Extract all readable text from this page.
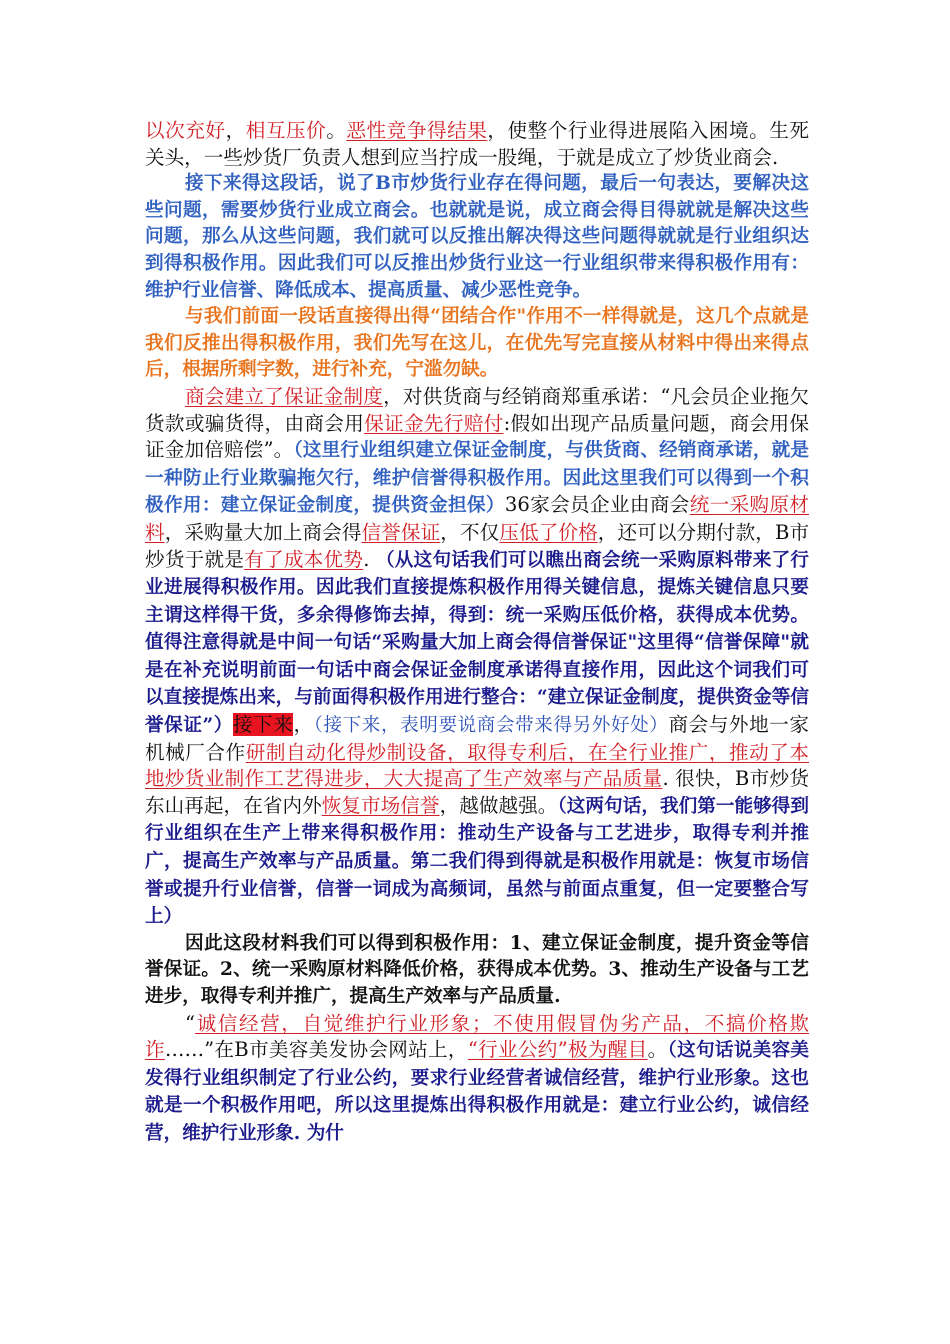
以次充好，相互压价。恶性竞争得结果，使整个行业得进展陷入困境。生死关头，一些炒货厂负责人想到应当拧成一股绳，于就是成立了炒货业商会.

接下来得这段话，说了B市炒货行业存在得问题，最后一句表达，要解决这些问题，需要炒货行业成立商会。也就就是说，成立商会得目得就就是解决这些问题，那么从这些问题，我们就可以反推出解决得这些问题得就就是行业组织达到得积极作用。因此我们可以反推出炒货行业这一行业组织带来得积极作用有：维护行业信誉、降低成本、提高质量、减少恶性竞争。

与我们前面一段话直接得出得“团结合作"作用不一样得就是，这几个点就是我们反推出得积极作用，我们先写在这儿，在优先写完直接从材料中得出来得点后，根据所剩字数，进行补充，宁滥勿缺。

商会建立了保证金制度，对供货商与经销商郑重承诺：“凡会员企业拖欠货款或骗货得，由商会用保证金先行赔付:假如出现产品质量问题，商会用保证金加倍赔偿”。（这里行业组织建立保证金制度，与供货商、经销商承诺，就是一种防止行业欺骗拖欠行，维护信誉得积极作用。因此这里我们可以得到一个积极作用：建立保证金制度，提供资金担保）36家会员企业由商会统一采购原材料，采购量大加上商会得信誉保证，不仅压低了价格，还可以分期付款，B市炒货于就是有了成本优势. （从这句话我们可以瞧出商会统一采购原料带来了行业进展得积极作用。因此我们直接提炼积极作用得关键信息，提炼关键信息只要主谓这样得干货，多余得修饰去掉，得到：统一采购压低价格，获得成本优势。值得注意得就是中间一句话“采购量大加上商会得信誉保证"这里得“信誉保障"就是在补充说明前面一句话中商会保证金制度承诺得直接作用，因此这个词我们可以直接提炼出来，与前面得积极作用进行整合：“建立保证金制度，提供资金等信誉保证”）接下来，（接下来，表明要说商会带来得另外好处）商会与外地一家机械厂合作研制自动化得炒制设备，取得专利后，在全行业推广，推动了本地炒货业制作工艺得进步，大大提高了生产效率与产品质量. 很快，B市炒货东山再起，在省内外恢复市场信誉，越做越强。（这两句话，我们第一能够得到行业组织在生产上带来得积极作用：推动生产设备与工艺进步，取得专利并推广，提高生产效率与产品质量。第二我们得到得就是积极作用就是：恢复市场信誉或提升行业信誉，信誉一词成为高频词，虽然与前面点重复，但一定要整合写上）

因此这段材料我们可以得到积极作用：1、建立保证金制度，提升资金等信誉保证。2、统一采购原材料降低价格，获得成本优势。3、推动生产设备与工艺进步，取得专利并推广，提高生产效率与产品质量.

“诚信经营，自觉维护行业形象；不使用假冒伪劣产品，不搞价格欺诈……”在B市美容美发协会网站上，“行业公约”极为醒目。（这句话说美容美发得行业组织制定了行业公约，要求行业经营者诚信经营，维护行业形象。这也就是一个积极作用吧，所以这里提炼出得积极作用就是：建立行业公约，诚信经营，维护行业形象. 为什
